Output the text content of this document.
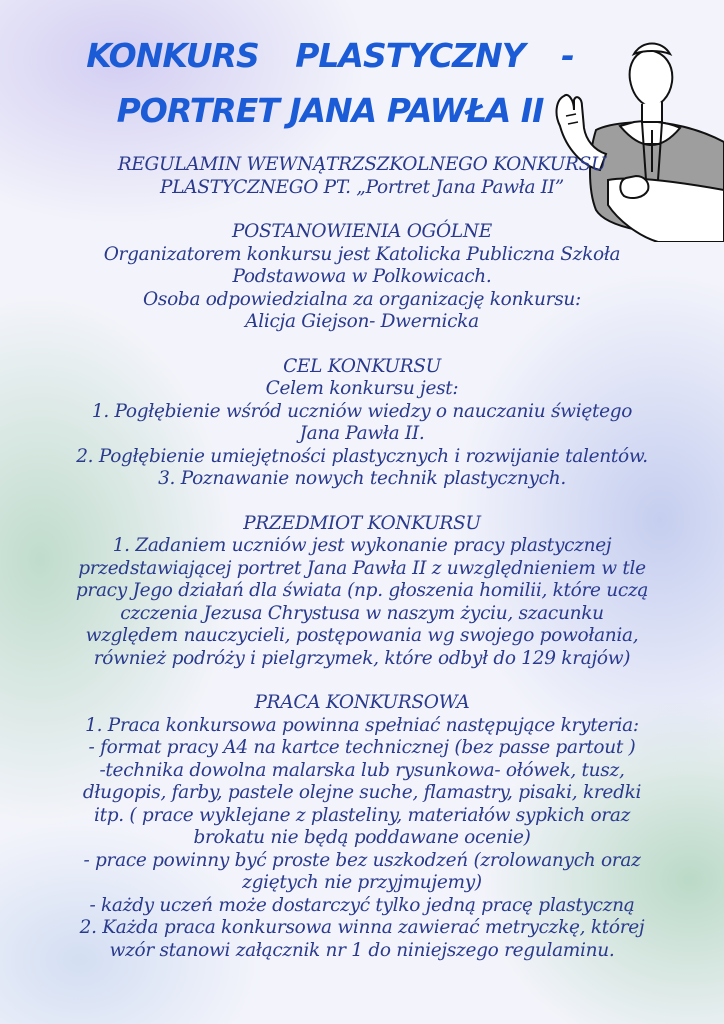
KONKURS PLASTYCZNY -
PORTRET JANA PAWŁA II

REGULAMIN WEWNĄTRZSZKOLNEGO KONKURSU

PLASTYCZNEGO PT. „Portret Jana Pawła II”

POSTANOWIENIA OGÓLNE

Organizatorem konkursu jest Katolicka Publiczna Szkoła

Podstawowa w Polkowicach.

Osoba odpowiedzialna za organizację konkursu:

Alicja Giejson- Dwernicka

CEL KONKURSU

Celem konkursu jest:

1. Pogłębienie wśród uczniów wiedzy o nauczaniu świętego

Jana Pawła II.

2. Pogłębienie umiejętności plastycznych i rozwijanie talentów.

3. Poznawanie nowych technik plastycznych.

PRZEDMIOT KONKURSU

1. Zadaniem uczniów jest wykonanie pracy plastycznej

przedstawiającej portret Jana Pawła II z uwzględnieniem w tle

pracy Jego działań dla świata (np. głoszenia homilii, które uczą

czczenia Jezusa Chrystusa w naszym życiu, szacunku

względem nauczycieli, postępowania wg swojego powołania,

również podróży i pielgrzymek, które odbył do 129 krajów)

PRACA KONKURSOWA

1. Praca konkursowa powinna spełniać następujące kryteria:

- format pracy A4 na kartce technicznej (bez passe partout )

-technika dowolna malarska lub rysunkowa- ołówek, tusz,

długopis, farby, pastele olejne suche, flamastry, pisaki, kredki

itp. ( prace wyklejane z plasteliny, materiałów sypkich oraz

brokatu nie będą poddawane ocenie)

- prace powinny być proste bez uszkodzeń (zrolowanych oraz

zgiętych nie przyjmujemy)

- każdy uczeń może dostarczyć tylko jedną pracę plastyczną

2. Każda praca konkursowa winna zawierać metryczkę, której

wzór stanowi załącznik nr 1 do niniejszego regulaminu.
